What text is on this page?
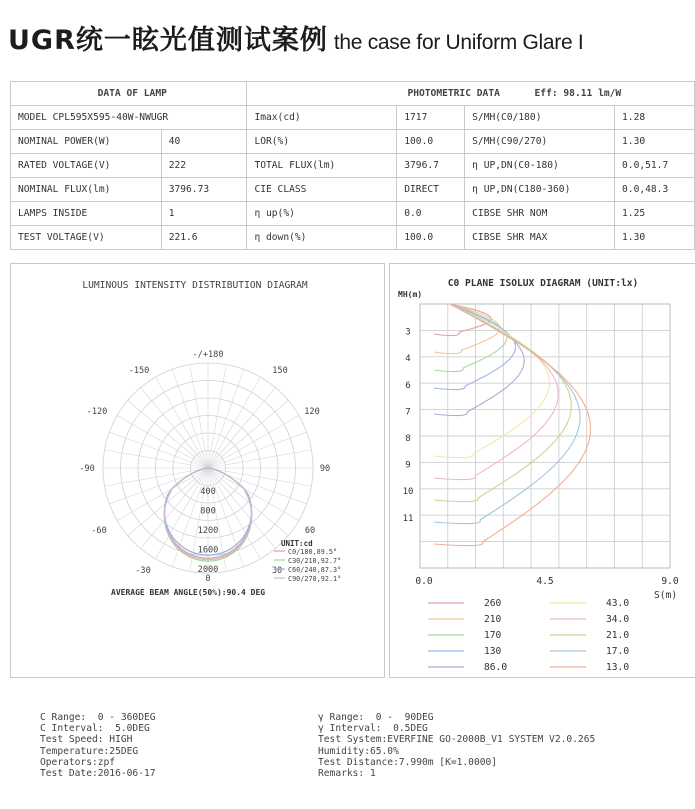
UGR统一眩光值测试案例 the case for Uniform Glare I
DATA OF LAMP		PHOTOMETRIC DATA Eff: 98.11 lm/W			
MODEL CPL595X595-40W-NWUGR		Imax(cd)	1717	S/MH(C0/180)	1.28
NOMINAL POWER(W)	40	LOR(%)	100.0	S/MH(C90/270)	1.30
RATED VOLTAGE(V)	222	TOTAL FLUX(lm)	3796.7	η UP,DN(C0-180)	0.0,51.7
NOMINAL FLUX(lm)	3796.73	CIE CLASS	DIRECT	η UP,DN(C180-360)	0.0,48.3
LAMPS INSIDE	1	η up(%)	0.0	CIBSE SHR NOM	1.25
TEST VOLTAGE(V)	221.6	η down(%)	100.0	CIBSE SHR MAX	1.30
LUMINOUS INTENSITY DISTRIBUTION DIAGRAM
-/+180
150
-150
120
-120
90
-90
60
-60
30
-30
0
400
800
1200
1600
2000
UNIT:cd
C0/180,89.5°
C30/210,92.7°
C60/240,87.3°
C90/270,92.1°
AVERAGE BEAM ANGLE(50%):90.4 DEG
C0 PLANE ISOLUX DIAGRAM (UNIT:lx)
MH(m)
3
4
6
7
8
9
10
11
0.0	4.5	9.0
S(m)
260
210
170
130
86.0
43.0
34.0
21.0
17.0
13.0
C Range:  0 - 360DEG
C Interval:  5.0DEG
Test Speed: HIGH
Temperature:25DEG
Operators:zpf
Test Date:2016-06-17
γ Range:  0 -  90DEG
γ Interval:  0.5DEG
Test System:EVERFINE GO-2000B_V1 SYSTEM V2.0.265
Humidity:65.0%
Test Distance:7.990m [K=1.0000]
Remarks: 1
